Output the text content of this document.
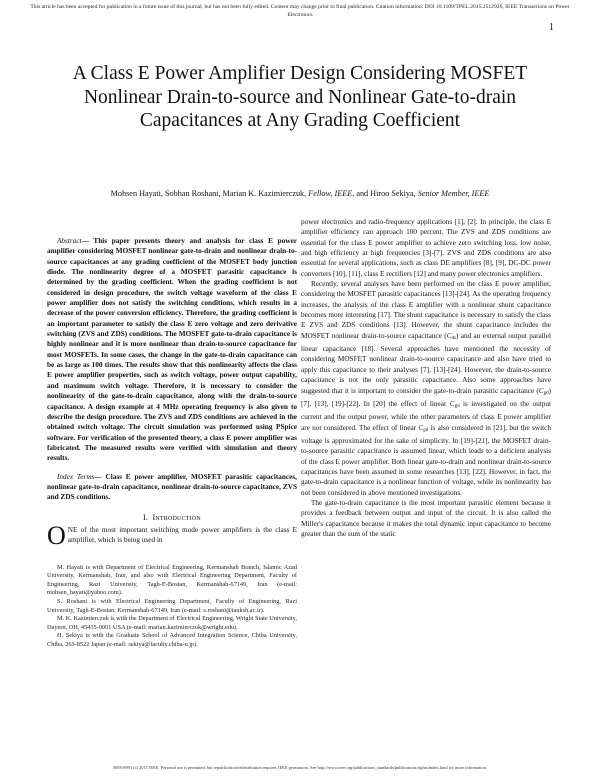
This article has been accepted for publication in a future issue of this journal, but has not been fully edited. Content may change prior to final publication. Citation information: DOI 10.1109/TPEL.2015.2512926, IEEE Transactions on Power Electronics
1
A Class E Power Amplifier Design Considering MOSFET Nonlinear Drain-to-source and Nonlinear Gate-to-drain Capacitances at Any Grading Coefficient
Mohsen Hayati, Sobhan Roshani, Marian K. Kazimierczuk, Fellow, IEEE, and Hiroo Sekiya, Senior Member, IEEE

Abstract— This paper presents theory and analysis for class E power amplifier considering MOSFET nonlinear gate-to-drain and nonlinear drain-to-source capacitances at any grading coefficient of the MOSFET body junction diode. The nonlinearity degree of a MOSFET parasitic capacitance is determined by the grading coefficient. When the grading coefficient is not considered in design procedure, the switch voltage waveform of the class E power amplifier does not satisfy the switching conditions, which results in a decrease of the power conversion efficiency. Therefore, the grading coefficient is an important parameter to satisfy the class E zero voltage and zero derivative switching (ZVS and ZDS) conditions. The MOSFET gate-to-drain capacitance is highly nonlinear and it is more nonlinear than drain-to-source capacitance for most MOSFETs. In some cases, the change in the gate-to-drain capacitance can be as large as 100 times. The results show that this nonlinearity affects the class E power amplifier properties, such as switch voltage, power output capability, and maximum switch voltage. Therefore, it is necessary to consider the nonlinearity of the gate-to-drain capacitance, along with the drain-to-source capacitance. A design example at 4 MHz operating frequency is also given to describe the design procedure. The ZVS and ZDS conditions are achieved in the obtained switch voltage. The circuit simulation was performed using PSpice software. For verification of the presented theory, a class E power amplifier was fabricated. The measured results were verified with simulation and theory results.

Index Terms— Class E power amplifier, MOSFET parasitic capacitances, nonlinear gate-to-drain capacitance, nonlinear drain-to-source capacitance, ZVS and ZDS conditions.

I. Introduction

ONE of the most important switching mode power amplifiers is the class E amplifier, which is being used in

M. Hayati is with Department of Electrical Engineering, Kermanshah Branch, Islamic Azad University, Kermanshah, Iran, and also with Electrical Engineering Department, Faculty of Engineering, Razi University, Tagh-E-Bostan, Kermanshah-67149, Iran (e-mail: mohsen_hayati@yahoo.com).

S. Roshani is with Electrical Engineering Department, Faculty of Engineering, Razi University, Tagh-E-Bostan, Kermanshah-67149, Iran (e-mail: s.roshani@iauksh.ac.ir).

M. K. Kazimierczuk is with the Department of Electrical Engineering, Wright State University, Dayton, OH, 45435-0001 USA (e-mail: marian.kazimierczuk@wright.edu).

H. Sekiya is with the Graduate School of Advanced Integration Science, Chiba University, Chiba, 263-8522 Japan (e-mail: sekiya@faculty.chiba-u.jp).

power electronics and radio-frequency applications [1], [2]. In principle, the class E amplifier efficiency can approach 100 percent. The ZVS and ZDS conditions are essential for the class E power amplifier to achieve zero switching loss, low noise, and high efficiency at high frequencies [3]-[7]. ZVS and ZDS conditions are also essential for several applications, such as class DE amplifiers [8], [9], DC-DC power converters [10], [11], class E rectifiers [12] and many power electronics amplifiers.

Recently, several analyses have been performed on the class E power amplifier, considering the MOSFET parasitic capacitances [13]-[24]. As the operating frequency increases, the analysis of the class E amplifier with a nonlinear shunt capacitance becomes more interesting [17]. The shunt capacitance is necessary to satisfy the class E ZVS and ZDS conditions [13]. However, the shunt capacitance includes the MOSFET nonlinear drain-to-source capacitance $(C_{ds})$ and an external output parallel linear capacitance [18]. Several approaches have mentioned the necessity of considering MOSFET nonlinear drain-to-source capacitance and also have tried to apply this capacitance to their analyses [7], [13]-[24]. However, the drain-to-source capacitance is not the only parasitic capacitance. Also some approaches have suggested that it is important to consider the gate-to-drain parasitic capacitance $(C_{gd})$ [7], [13], [19]-[22]. In [20] the effect of linear $C_{gd}$ is investigated on the output current and the output power, while the other parameters of class E power amplifier are not considered. The effect of linear $C_{gd}$ is also considered in [21], but the switch voltage is approximated for the sake of simplicity. In [19]-[21], the MOSFET drain-to-source parasitic capacitance is assumed linear, which leads to a deficient analysis of the class E power amplifier. Both linear gate-to-drain and nonlinear drain-to-source capacitances have been assumed in some researches [13], [22]. However, in fact, the gate-to-drain capacitance is a nonlinear function of voltage, while its nonlinearity has not been considered in above mentioned investigations.

The gate-to-drain capacitance is the most important parasitic element because it provides a feedback between output and input of the circuit. It is also called the Miller's capacitance because it makes the total dynamic input capacitance to become greater than the sum of the static

0885-8993 (c) 2015 IEEE. Personal use is permitted, but republication/redistribution requires IEEE permission. See http://www.ieee.org/publications_standards/publications/rights/index.html for more information.
